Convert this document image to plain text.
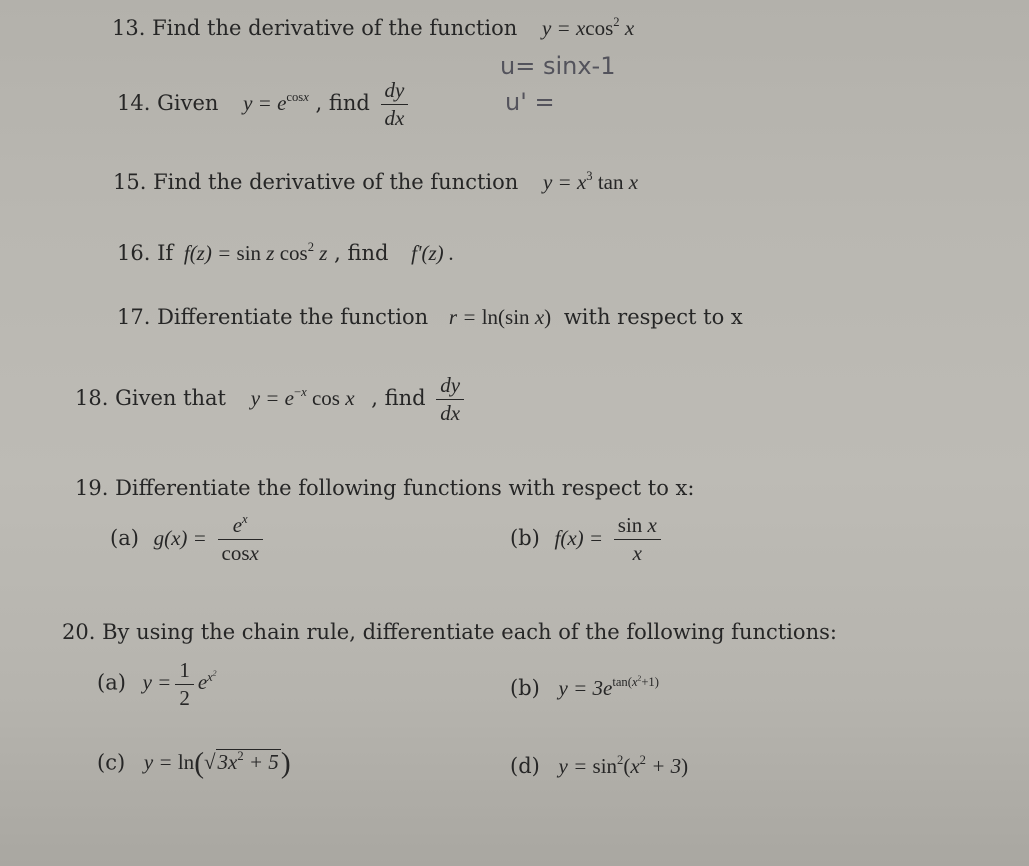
13. Find the derivative of the function y = xcos$^2$ x
u= sinx-1
u' =
14. Given $y = e^{cosx}$ , find $\frac{dy}{dx}$
15. Find the derivative of the function $y = x^3$ tan x
16. If f(z) = sin z $\cos^2 z$ , find f'(z) .
17. Differentiate the function r = ln(sin x) with respect to x
18. Given that $y = e^{-x}$ cos x , find $\frac{dy}{dx}$
19. Differentiate the following functions with respect to x:
(a) $g(x) = \frac{e^x}{\cos x}$	(b) $f(x) = \frac{\text{sin x}}{x}$
20. By using the chain rule, differentiate each of the following functions:
(a) $y = \frac{1}{2} e^{x^2}$
(b) $y = 3e^{tan(x^2+1)}$
(c) $y = \ln(√3x^2 + 5)$	(d) $y = \sin^2(x^2 + 3)$
